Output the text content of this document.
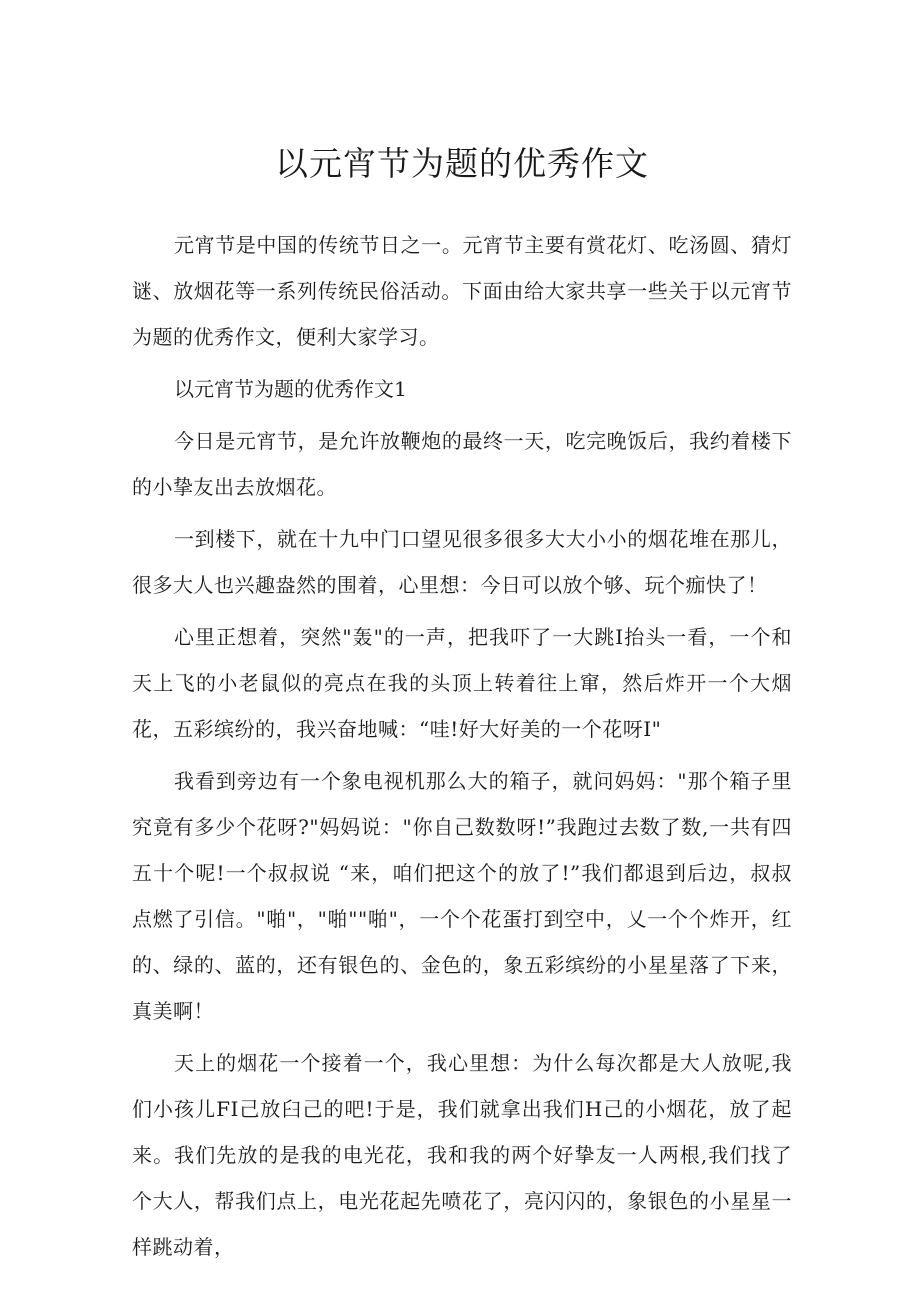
以元宵节为题的优秀作文

元宵节是中国的传统节日之一。元宵节主要有赏花灯、吃汤圆、猜灯谜、放烟花等一系列传统民俗活动。下面由给大家共享一些关于以元宵节为题的优秀作文，便利大家学习。

以元宵节为题的优秀作文1

今日是元宵节，是允许放鞭炮的最终一天，吃完晚饭后，我约着楼下的小挚友出去放烟花。

一到楼下，就在十九中门口望见很多很多大大小小的烟花堆在那儿，很多大人也兴趣盎然的围着，心里想：今日可以放个够、玩个痂快了！

心里正想着，突然"轰"的一声，把我吓了一大跳I抬头一看，一个和天上飞的小老鼠似的亮点在我的头顶上转着往上窜，然后炸开一个大烟花，五彩缤纷的，我兴奋地喊：“哇!好大好美的一个花呀I"

我看到旁边有一个象电视机那么大的箱子，就问妈妈："那个箱子里究竟有多少个花呀?"妈妈说："你自己数数呀!”我跑过去数了数,一共有四五十个呢!一个叔叔说 “来，咱们把这个的放了!”我们都退到后边，叔叔点燃了引信。"啪"，"啪""啪"，一个个花蛋打到空中，乂一个个炸开，红的、绿的、蓝的，还有银色的、金色的，象五彩缤纷的小星星落了下来，真美啊！

天上的烟花一个接着一个，我心里想：为什么每次都是大人放呢,我们小孩儿FI己放臼己的吧!于是，我们就拿出我们H己的小烟花，放了起来。我们先放的是我的电光花，我和我的两个好挚友一人两根,我们找了个大人，帮我们点上，电光花起先喷花了，亮闪闪的，象银色的小星星一样跳动着，
